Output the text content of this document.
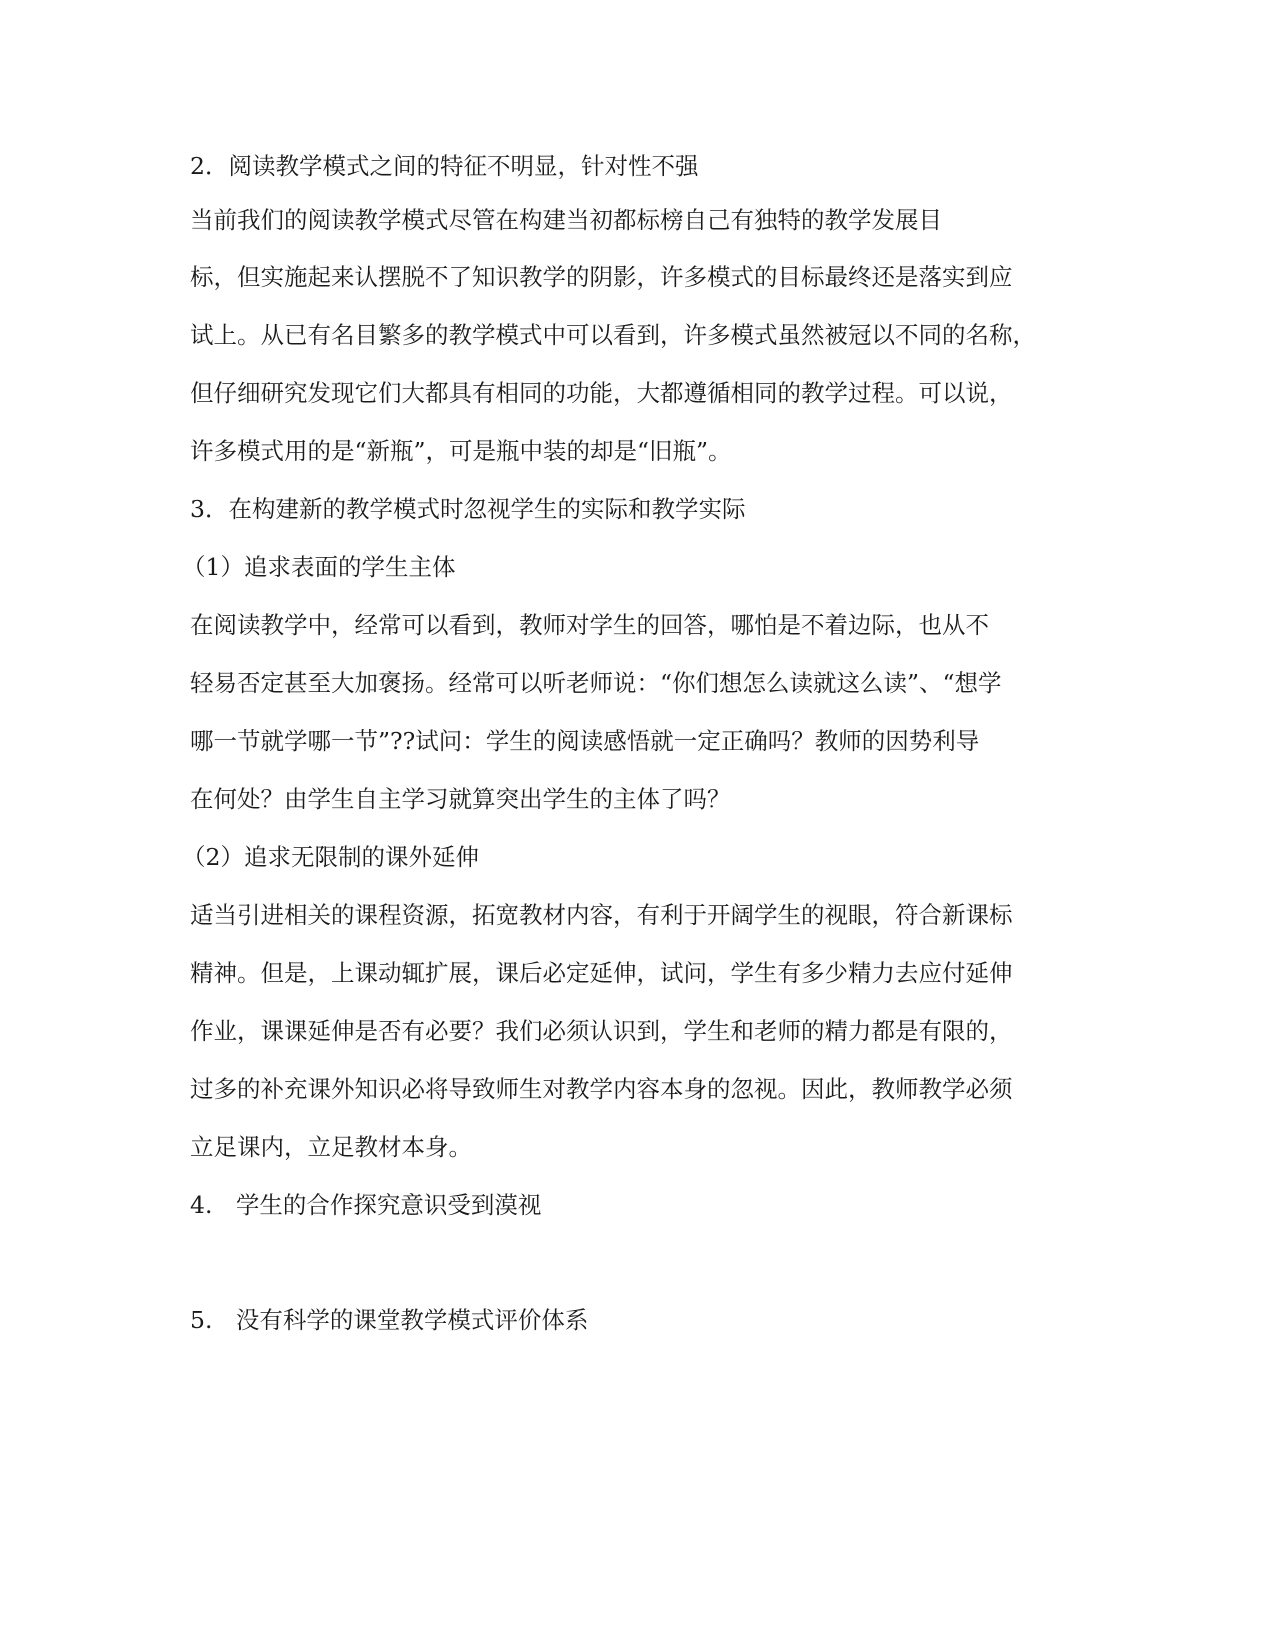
2．阅读教学模式之间的特征不明显，针对性不强
当前我们的阅读教学模式尽管在构建当初都标榜自己有独特的教学发展目
标，但实施起来认摆脱不了知识教学的阴影，许多模式的目标最终还是落实到应
试上。从已有名目繁多的教学模式中可以看到，许多模式虽然被冠以不同的名称，
但仔细研究发现它们大都具有相同的功能，大都遵循相同的教学过程。可以说，
许多模式用的是“新瓶”，可是瓶中装的却是“旧瓶”。
3．在构建新的教学模式时忽视学生的实际和教学实际
（1）追求表面的学生主体
在阅读教学中，经常可以看到，教师对学生的回答，哪怕是不着边际，也从不
轻易否定甚至大加褒扬。经常可以听老师说：“你们想怎么读就这么读”、“想学
哪一节就学哪一节”??试问：学生的阅读感悟就一定正确吗？教师的因势利导
在何处？由学生自主学习就算突出学生的主体了吗？
（2）追求无限制的课外延伸
适当引进相关的课程资源，拓宽教材内容，有利于开阔学生的视眼，符合新课标
精神。但是，上课动辄扩展，课后必定延伸，试问，学生有多少精力去应付延伸
作业，课课延伸是否有必要？我们必须认识到，学生和老师的精力都是有限的，
过多的补充课外知识必将导致师生对教学内容本身的忽视。因此，教师教学必须
立足课内，立足教材本身。
4.　学生的合作探究意识受到漠视
5.　没有科学的课堂教学模式评价体系
